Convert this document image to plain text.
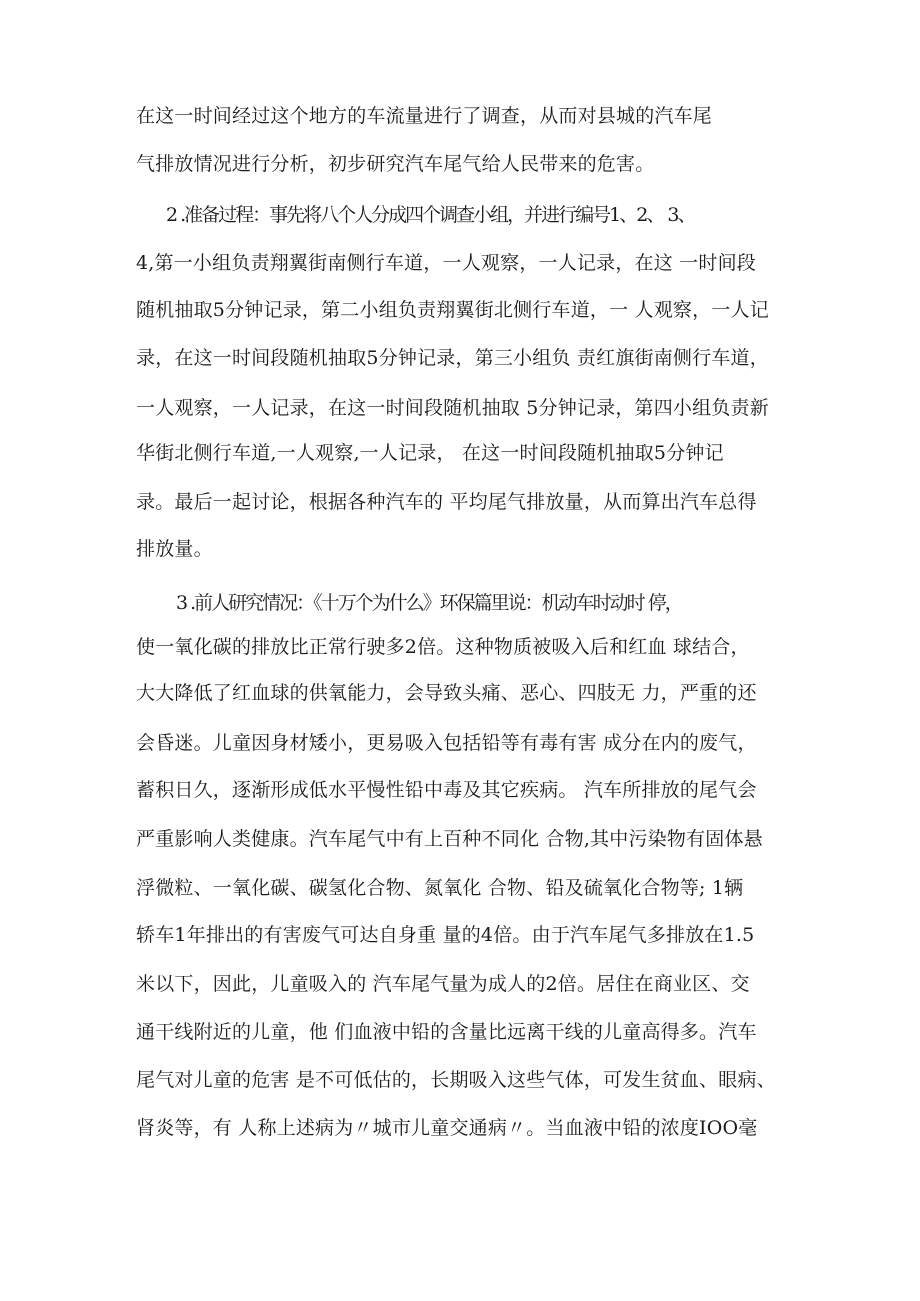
在这一时间经过这个地方的车流量进行了调查，从而对县城的汽车尾
气排放情况进行分析，初步研究汽车尾气给人民带来的危害。
2 .准备过程：事先将八个人分成四个调查小组，并进行编号1、2、 3、
4,第一小组负责翔翼街南侧行车道，一人观察，一人记录，在这 一时间段
随机抽取5分钟记录，第二小组负责翔翼街北侧行车道，一 人观察，一人记
录，在这一时间段随机抽取5分钟记录，第三小组负 责红旗街南侧行车道，
一人观察，一人记录，在这一时间段随机抽取 5分钟记录，第四小组负责新
华街北侧行车道,一人观察,一人记录， 在这一时间段随机抽取5分钟记
录。最后一起讨论，根据各种汽车的 平均尾气排放量，从而算出汽车总得
排放量。
3 .前人研究情况：《十万个为什么》环保篇里说：机动车时动时 停，
使一氧化碳的排放比正常行驶多2倍。这种物质被吸入后和红血 球结合，
大大降低了红血球的供氧能力，会导致头痛、恶心、四肢无 力，严重的还
会昏迷。儿童因身材矮小，更易吸入包括铅等有毒有害 成分在内的废气，
蓄积日久，逐渐形成低水平慢性铅中毒及其它疾病。 汽车所排放的尾气会
严重影响人类健康。汽车尾气中有上百种不同化 合物,其中污染物有固体悬
浮微粒、一氧化碳、碳氢化合物、氮氧化 合物、铅及硫氧化合物等; 1辆
轿车1年排出的有害废气可达自身重 量的4倍。由于汽车尾气多排放在1.5
米以下，因此，儿童吸入的 汽车尾气量为成人的2倍。居住在商业区、交
通干线附近的儿童，他 们血液中铅的含量比远离干线的儿童高得多。汽车
尾气对儿童的危害 是不可低估的，长期吸入这些气体，可发生贫血、眼病、
肾炎等，有 人称上述病为〃城市儿童交通病〃。当血液中铅的浓度IOO毫
